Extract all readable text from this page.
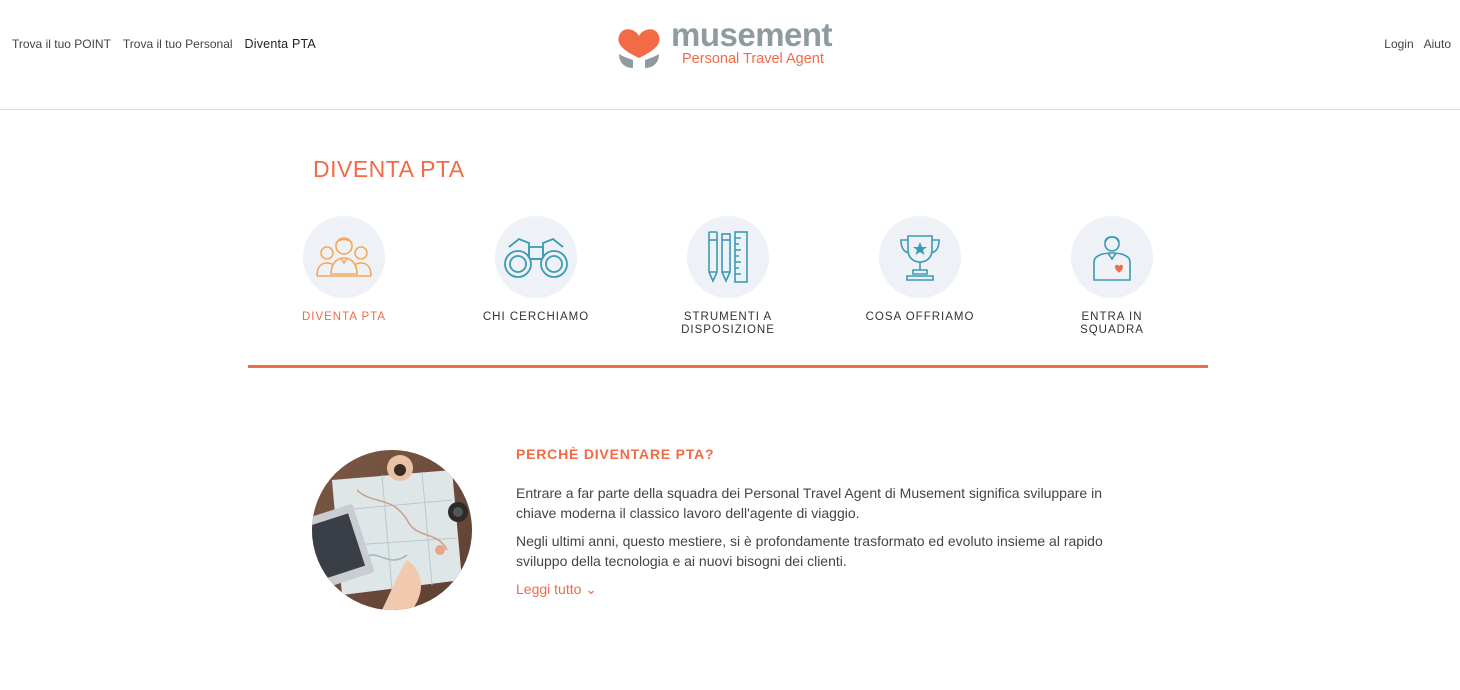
Trova il tuo POINT Trova il tuo Personal Diventa PTA	musement
Personal Travel Agent
Login Aiuto
DIVENTA PTA
DIVENTA PTA	CHI CERCHIAMO	STRUMENTI A DISPOSIZIONE
COSA OFFRIAMO	ENTRA IN SQUADRA
PERCHÈ DIVENTARE PTA?

Entrare a far parte della squadra dei Personal Travel Agent di Musement significa sviluppare in chiave moderna il classico lavoro dell'agente di viaggio.

Negli ultimi anni, questo mestiere, si è profondamente trasformato ed evoluto insieme al rapido sviluppo della tecnologia e ai nuovi bisogni dei clienti.

Leggi tutto ⌄
